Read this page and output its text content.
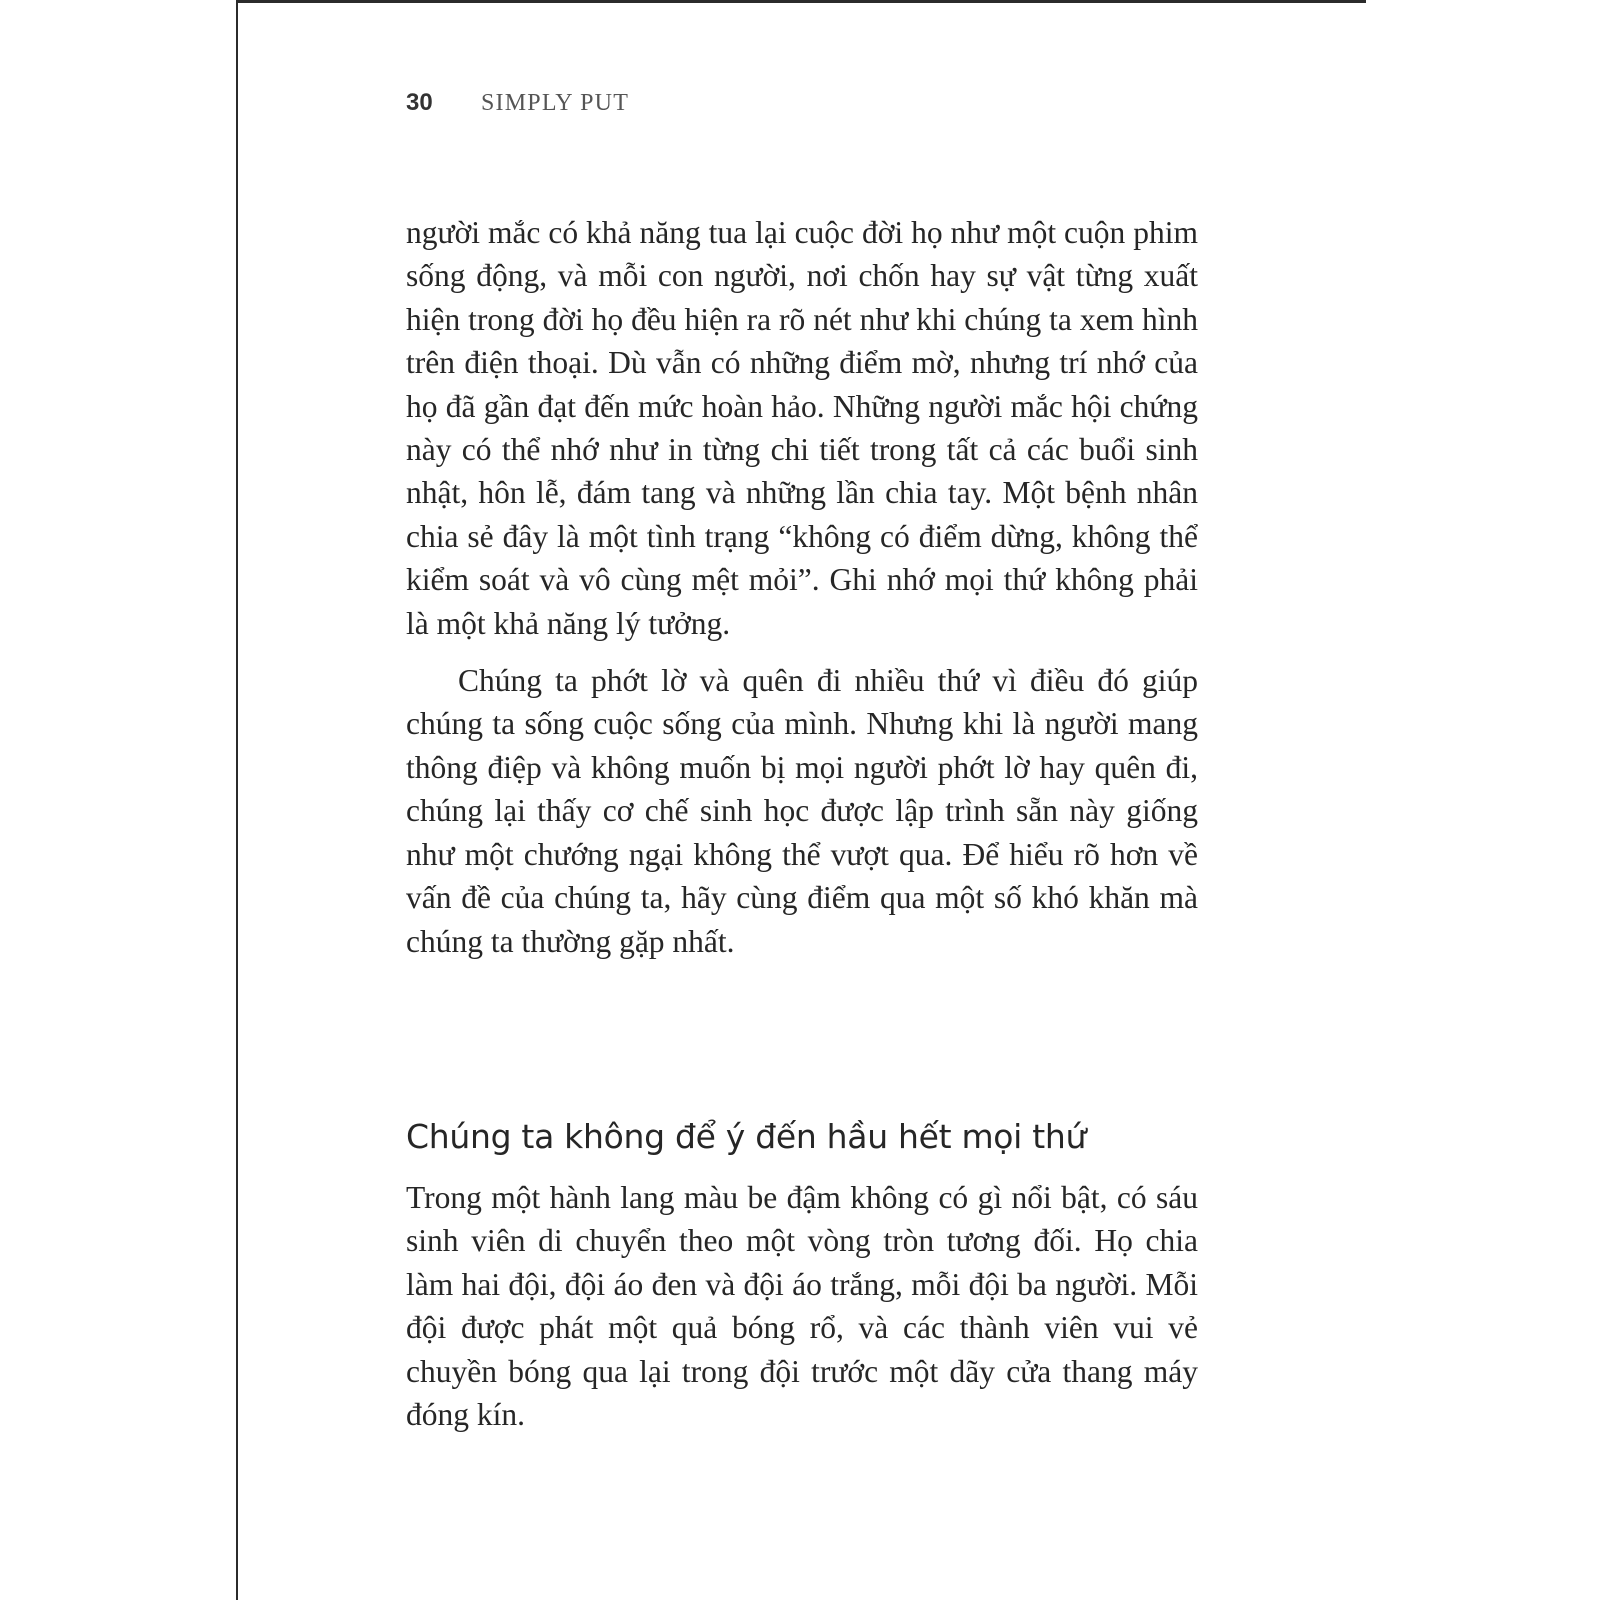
30	SIMPLY PUT

người mắc có khả năng tua lại cuộc đời họ như một cuộn phim sống động, và mỗi con người, nơi chốn hay sự vật từng xuất hiện trong đời họ đều hiện ra rõ nét như khi chúng ta xem hình trên điện thoại. Dù vẫn có những điểm mờ, nhưng trí nhớ của họ đã gần đạt đến mức hoàn hảo. Những người mắc hội chứng này có thể nhớ như in từng chi tiết trong tất cả các buổi sinh nhật, hôn lễ, đám tang và những lần chia tay. Một bệnh nhân chia sẻ đây là một tình trạng “không có điểm dừng, không thể kiểm soát và vô cùng mệt mỏi”. Ghi nhớ mọi thứ không phải là một khả năng lý tưởng.

Chúng ta phớt lờ và quên đi nhiều thứ vì điều đó giúp chúng ta sống cuộc sống của mình. Nhưng khi là người mang thông điệp và không muốn bị mọi người phớt lờ hay quên đi, chúng lại thấy cơ chế sinh học được lập trình sẵn này giống như một chướng ngại không thể vượt qua. Để hiểu rõ hơn về vấn đề của chúng ta, hãy cùng điểm qua một số khó khăn mà chúng ta thường gặp nhất.

Chúng ta không để ý đến hầu hết mọi thứ

Trong một hành lang màu be đậm không có gì nổi bật, có sáu sinh viên di chuyển theo một vòng tròn tương đối. Họ chia làm hai đội, đội áo đen và đội áo trắng, mỗi đội ba người. Mỗi đội được phát một quả bóng rổ, và các thành viên vui vẻ chuyền bóng qua lại trong đội trước một dãy cửa thang máy đóng kín.
